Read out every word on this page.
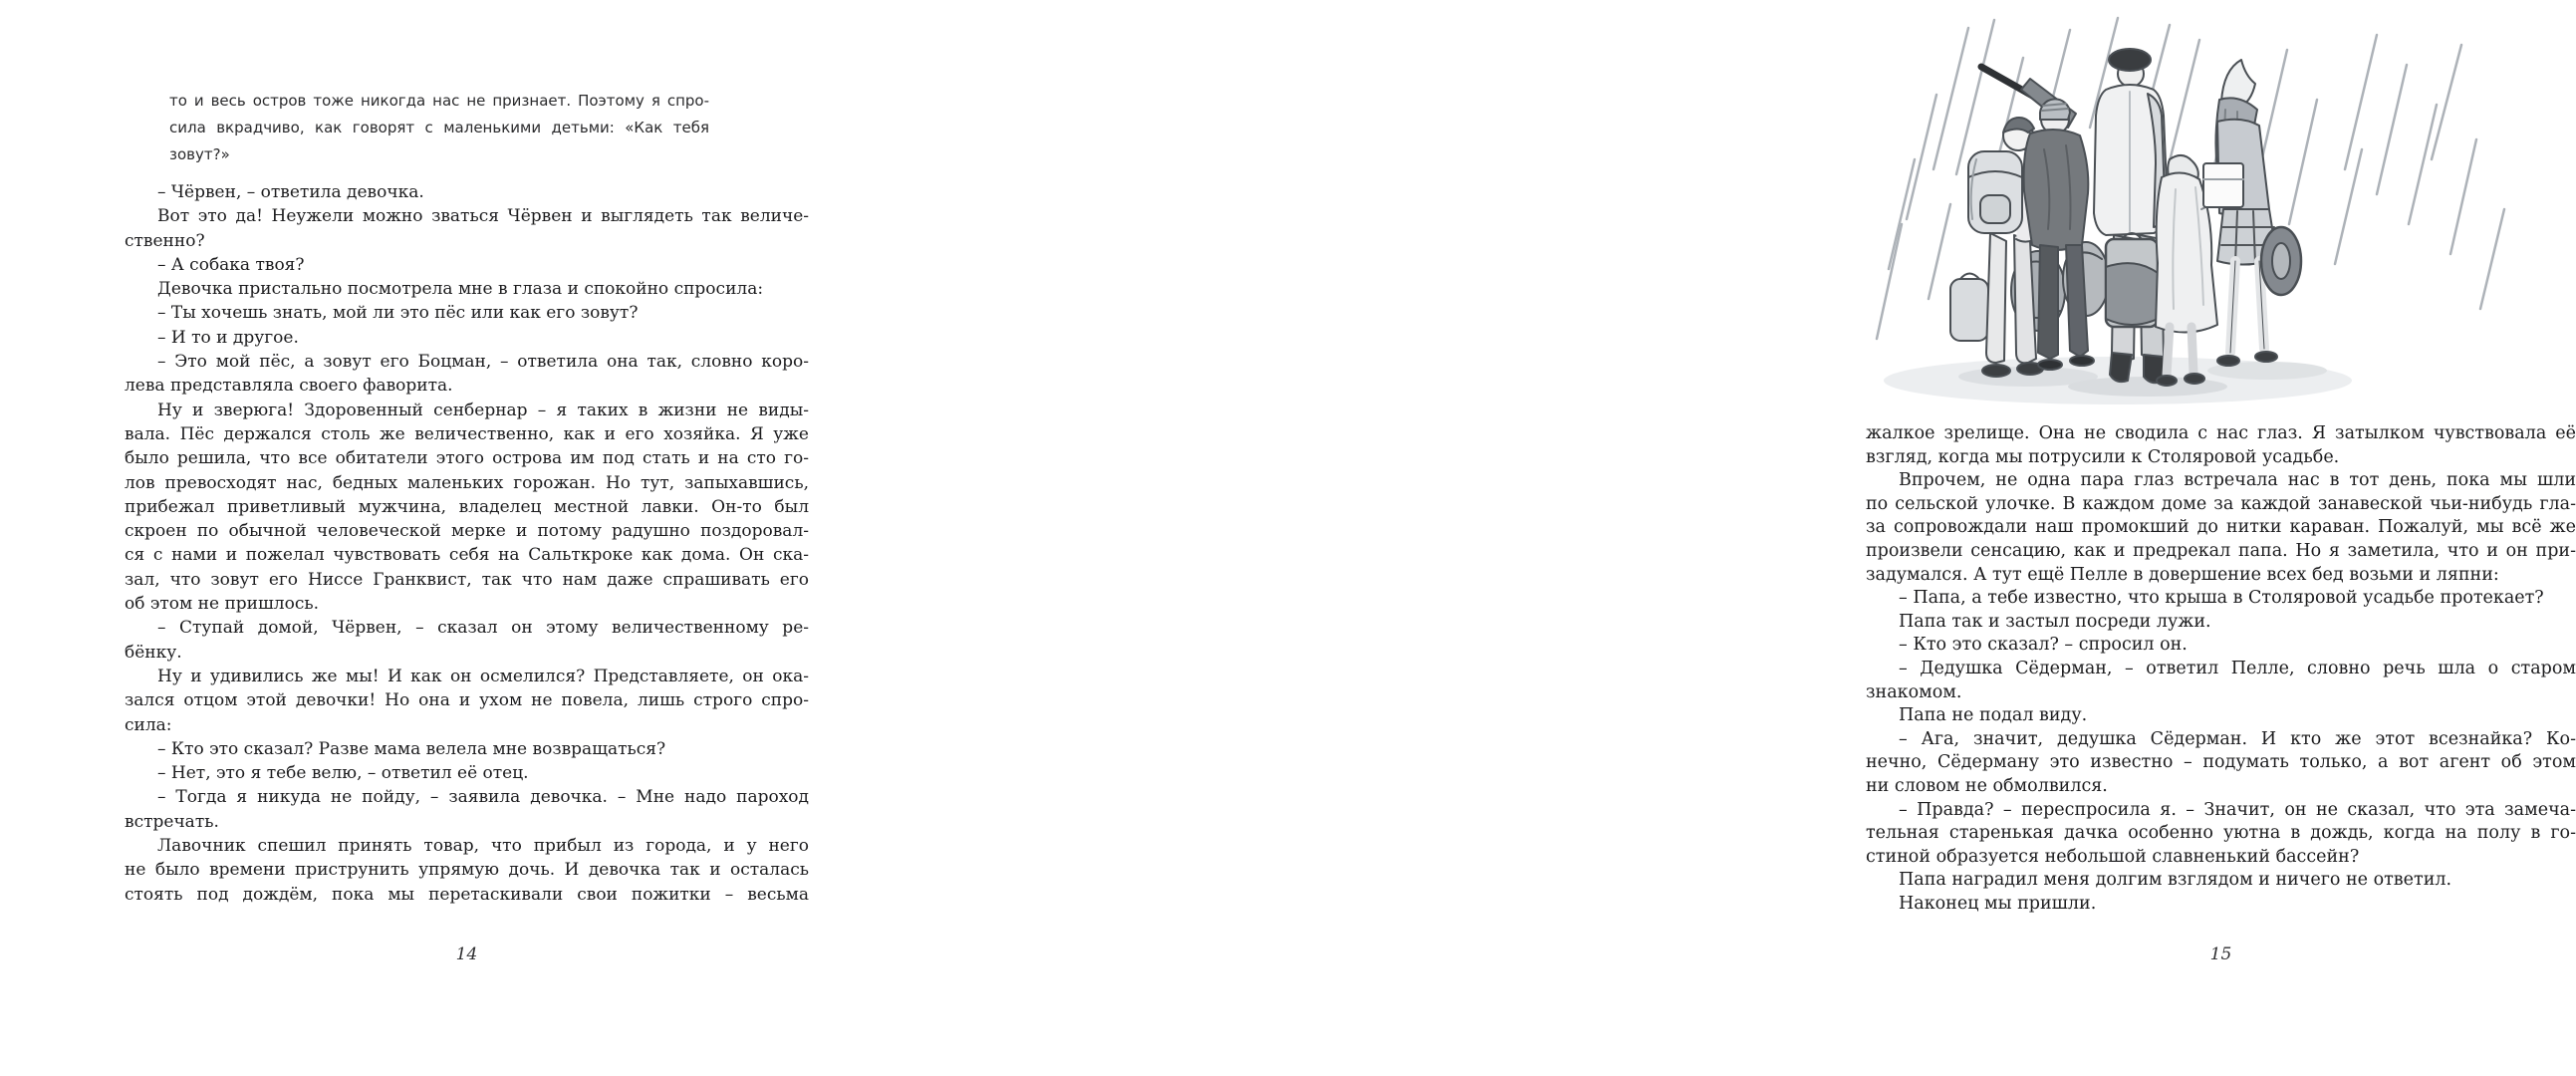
то и весь остров тоже никогда нас не признает. Поэтому я спро-
сила вкрадчиво, как говорят с маленькими детьми: «Как тебя
зовут?»
– Чёрвен, – ответила девочка.
Вот это да! Неужели можно зваться Чёрвен и выглядеть так величе-
ственно?
– А собака твоя?
Девочка пристально посмотрела мне в глаза и спокойно спросила:
– Ты хочешь знать, мой ли это пёс или как его зовут?
– И то и другое.
– Это мой пёс, а зовут его Боцман, – ответила она так, словно коро-
лева представляла своего фаворита.
Ну и зверюга! Здоровенный сенбернар – я таких в жизни не виды-
вала. Пёс держался столь же величественно, как и его хозяйка. Я уже
было решила, что все обитатели этого острова им под стать и на сто го-
лов превосходят нас, бедных маленьких горожан. Но тут, запыхавшись,
прибежал приветливый мужчина, владелец местной лавки. Он-то был
скроен по обычной человеческой мерке и потому радушно поздоровал-
ся с нами и пожелал чувствовать себя на Сальткроке как дома. Он ска-
зал, что зовут его Ниссе Гранквист, так что нам даже спрашивать его
об этом не пришлось.
– Ступай домой, Чёрвен, – сказал он этому величественному ре-
бёнку.
Ну и удивились же мы! И как он осмелился? Представляете, он ока-
зался отцом этой девочки! Но она и ухом не повела, лишь строго спро-
сила:
– Кто это сказал? Разве мама велела мне возвращаться?
– Нет, это я тебе велю, – ответил её отец.
– Тогда я никуда не пойду, – заявила девочка. – Мне надо пароход
встречать.
Лавочник спешил принять товар, что прибыл из города, и у него
не было времени приструнить упрямую дочь. И девочка так и осталась
стоять под дождём, пока мы перетаскивали свои пожитки – весьма
14
жалкое зрелище. Она не сводила с нас глаз. Я затылком чувствовала её
взгляд, когда мы потрусили к Столяровой усадьбе.
Впрочем, не одна пара глаз встречала нас в тот день, пока мы шли
по сельской улочке. В каждом доме за каждой занавеской чьи-нибудь гла-
за сопровождали наш промокший до нитки караван. Пожалуй, мы всё же
произвели сенсацию, как и предрекал папа. Но я заметила, что и он при-
задумался. А тут ещё Пелле в довершение всех бед возьми и ляпни:
– Папа, а тебе известно, что крыша в Столяровой усадьбе протекает?
Папа так и застыл посреди лужи.
– Кто это сказал? – спросил он.
– Дедушка Сёдерман, – ответил Пелле, словно речь шла о старом
знакомом.
Папа не подал виду.
– Ага, значит, дедушка Сёдерман. И кто же этот всезнайка? Ко-
нечно, Сёдерману это известно – подумать только, а вот агент об этом
ни словом не обмолвился.
– Правда? – переспросила я. – Значит, он не сказал, что эта замеча-
тельная старенькая дачка особенно уютна в дождь, когда на полу в го-
стиной образуется небольшой славненький бассейн?
Папа наградил меня долгим взглядом и ничего не ответил.
Наконец мы пришли.
15
